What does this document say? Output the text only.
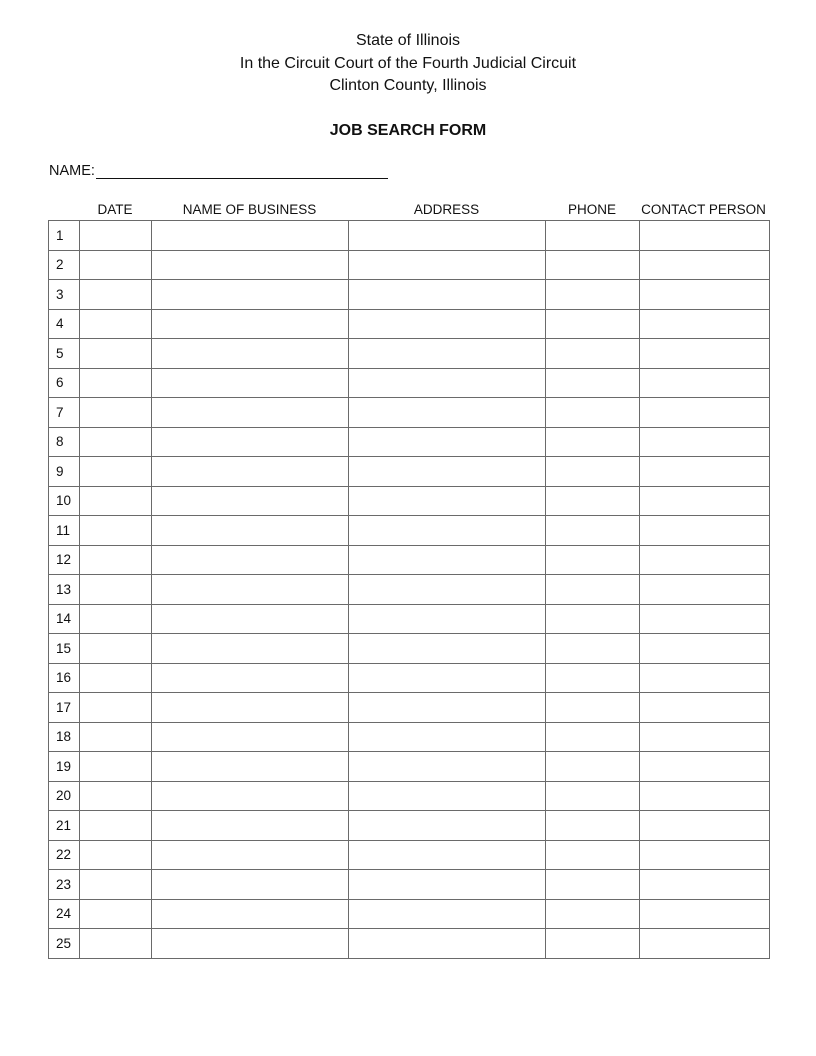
State of Illinois
In the Circuit Court of the Fourth Judicial Circuit
Clinton County, Illinois
JOB SEARCH FORM
NAME:
DATE	NAME OF BUSINESS	ADDRESS	PHONE	CONTACT PERSON
1					
2					
3					
4					
5					
6					
7					
8					
9					
10					
11					
12					
13					
14					
15					
16					
17					
18					
19					
20					
21					
22					
23					
24					
25					
